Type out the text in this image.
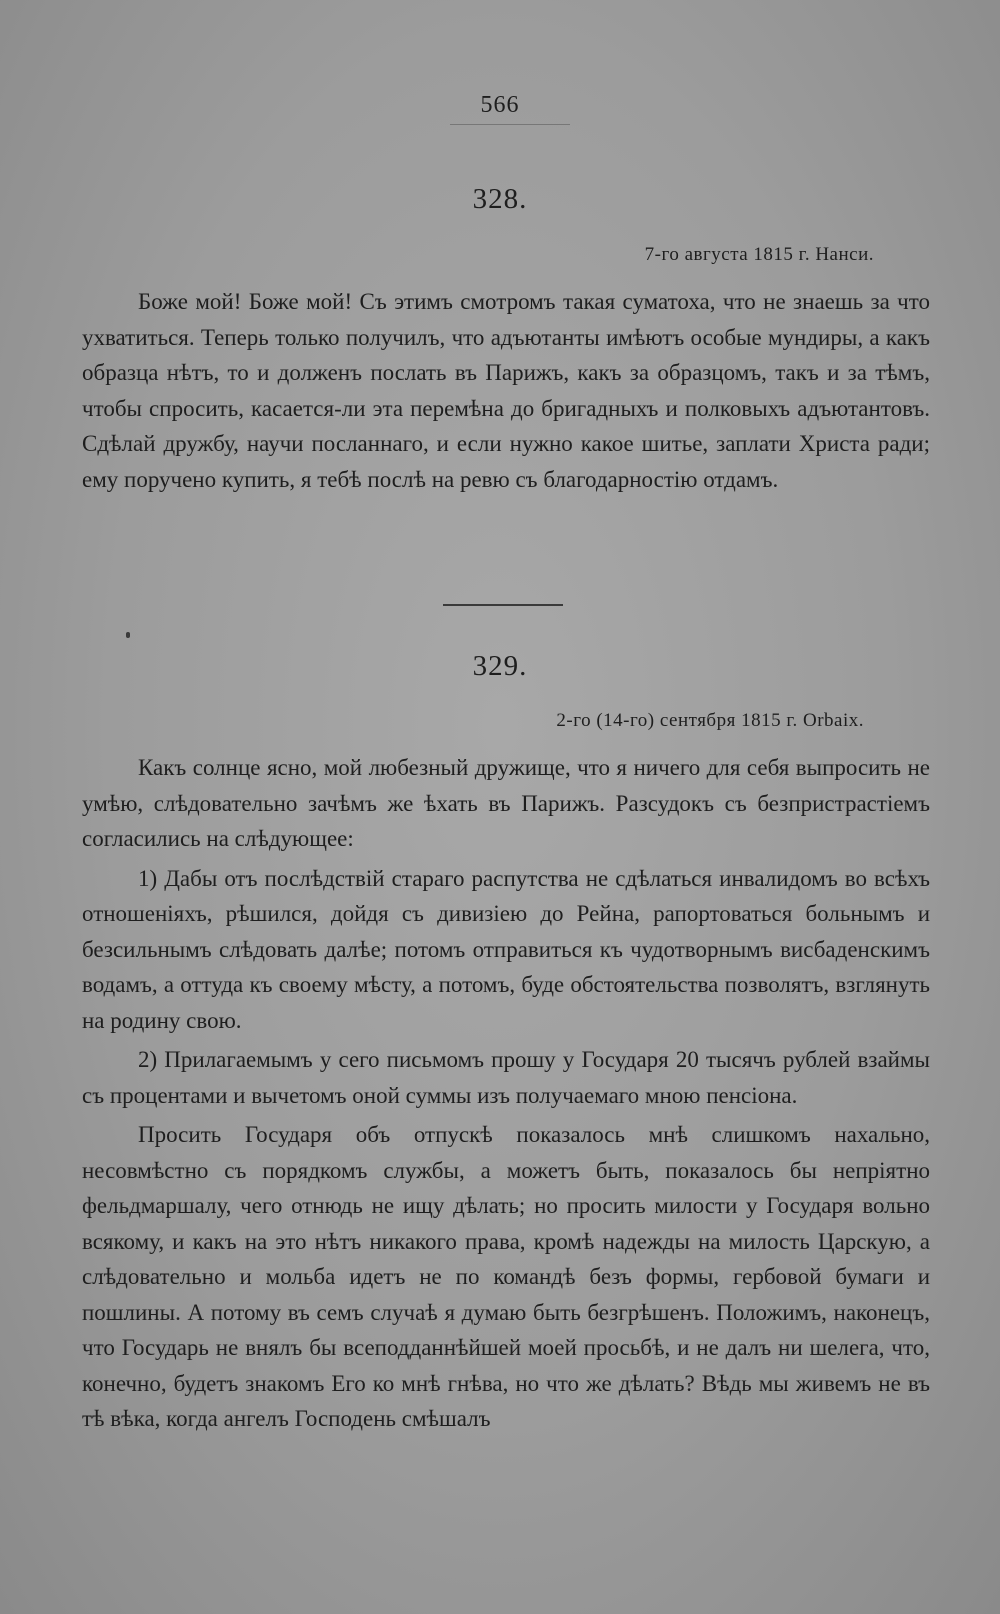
566
328.
7-го августа 1815 г. Нанси.

Боже мой! Боже мой! Съ этимъ смотромъ такая суматоха, что не знаешь за что ухватиться. Теперь только получилъ, что адъютанты имѣютъ особые мундиры, а какъ образца нѣтъ, то и долженъ послать въ Парижъ, какъ за образцомъ, такъ и за тѣмъ, чтобы спросить, касается-ли эта перемѣна до бригадныхъ и полковыхъ адъютантовъ. Сдѣлай дружбу, научи посланнаго, и если нужно какое шитье, заплати Христа ради; ему поручено купить, я тебѣ послѣ на ревю съ благодарностію отдамъ.

329.
2-го (14-го) сентября 1815 г. Orbaix.

Какъ солнце ясно, мой любезный дружище, что я ничего для себя выпросить не умѣю, слѣдовательно зачѣмъ же ѣхать въ Парижъ. Разсудокъ съ безпристрастіемъ согласились на слѣдующее:

1) Дабы отъ послѣдствій стараго распутства не сдѣлаться инвалидомъ во всѣхъ отношеніяхъ, рѣшился, дойдя съ дивизіею до Рейна, рапортоваться больнымъ и безсильнымъ слѣдовать далѣе; потомъ отправиться къ чудотворнымъ висбаденскимъ водамъ, а оттуда къ своему мѣсту, а потомъ, буде обстоятельства позволятъ, взглянуть на родину свою.

2) Прилагаемымъ у сего письмомъ прошу у Государя 20 тысячъ рублей взаймы съ процентами и вычетомъ оной суммы изъ получаемаго мною пенсіона.

Просить Государя объ отпускѣ показалось мнѣ слишкомъ нахально, несовмѣстно съ порядкомъ службы, а можетъ быть, показалось бы непріятно фельдмаршалу, чего отнюдь не ищу дѣлать; но просить милости у Государя вольно всякому, и какъ на это нѣтъ никакого права, кромѣ надежды на милость Царскую, а слѣдовательно и мольба идетъ не по командѣ безъ формы, гербовой бумаги и пошлины. А потому въ семъ случаѣ я думаю быть безгрѣшенъ. Положимъ, наконецъ, что Государь не внялъ бы всеподданнѣйшей моей просьбѣ, и не далъ ни шелега, что, конечно, будетъ знакомъ Его ко мнѣ гнѣва, но что же дѣлать? Вѣдь мы живемъ не въ тѣ вѣка, когда ангелъ Господень смѣшалъ
